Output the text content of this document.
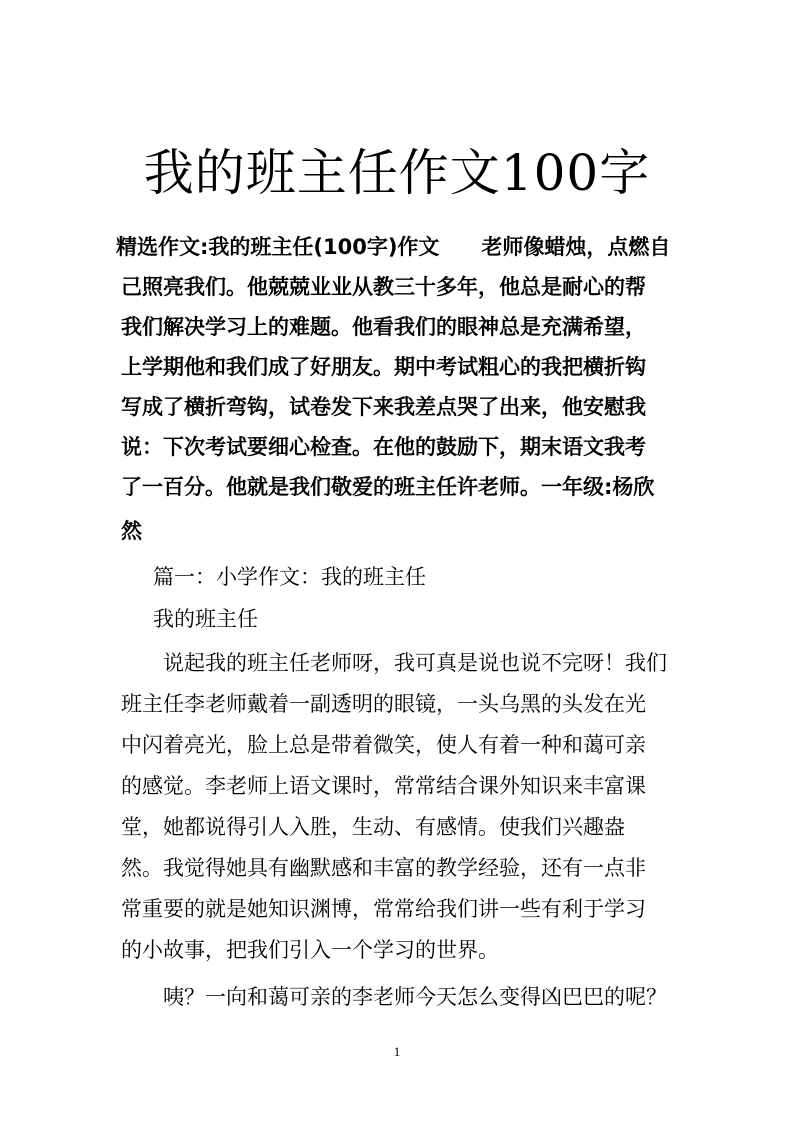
我的班主任作文100字
精选作文:我的班主任(100字)作文　　老师像蜡烛，点燃自
己照亮我们。他兢兢业业从教三十多年，他总是耐心的帮
我们解决学习上的难题。他看我们的眼神总是充满希望，
上学期他和我们成了好朋友。期中考试粗心的我把横折钩
写成了横折弯钩，试卷发下来我差点哭了出来，他安慰我
说：下次考试要细心检查。在他的鼓励下，期末语文我考
了一百分。他就是我们敬爱的班主任许老师。一年级:杨欣
然
篇一：小学作文：我的班主任
我的班主任
说起我的班主任老师呀，我可真是说也说不完呀！我们
班主任李老师戴着一副透明的眼镜，一头乌黑的头发在光
中闪着亮光，脸上总是带着微笑，使人有着一种和蔼可亲
的感觉。李老师上语文课时，常常结合课外知识来丰富课
堂，她都说得引人入胜，生动、有感情。使我们兴趣盎
然。我觉得她具有幽默感和丰富的教学经验，还有一点非
常重要的就是她知识渊博，常常给我们讲一些有利于学习
的小故事，把我们引入一个学习的世界。
咦？一向和蔼可亲的李老师今天怎么变得凶巴巴的呢？
1
